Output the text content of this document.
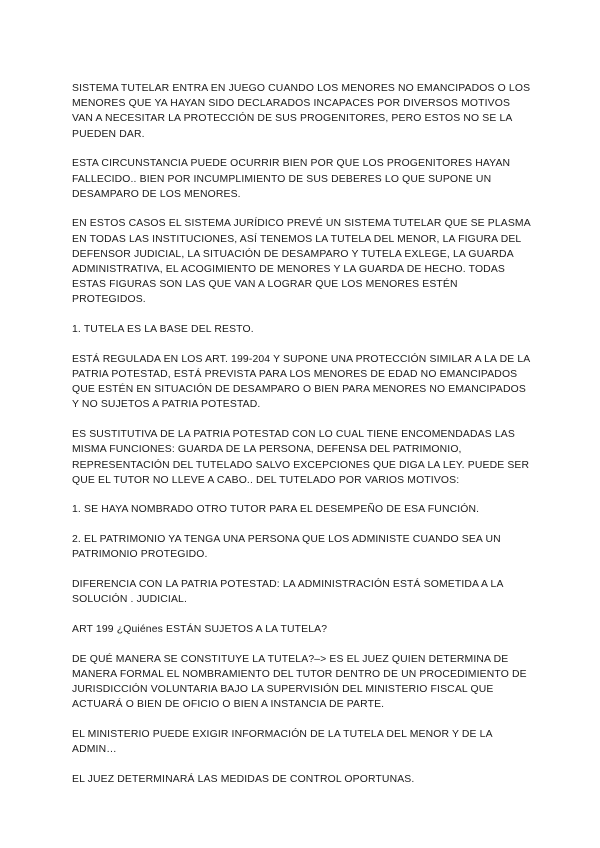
SISTEMA TUTELAR ENTRA EN JUEGO CUANDO LOS MENORES NO EMANCIPADOS O LOS MENORES QUE YA HAYAN SIDO DECLARADOS INCAPACES POR DIVERSOS MOTIVOS VAN A NECESITAR LA PROTECCIÓN DE SUS PROGENITORES, PERO ESTOS NO SE LA PUEDEN DAR.

ESTA CIRCUNSTANCIA PUEDE OCURRIR BIEN POR QUE LOS PROGENITORES HAYAN FALLECIDO.. BIEN POR INCUMPLIMIENTO DE SUS DEBERES LO QUE SUPONE UN DESAMPARO DE LOS MENORES.

EN ESTOS CASOS EL SISTEMA JURÍDICO PREVÉ UN SISTEMA TUTELAR QUE SE PLASMA EN TODAS LAS INSTITUCIONES, ASÍ TENEMOS LA TUTELA DEL MENOR, LA FIGURA DEL DEFENSOR JUDICIAL, LA SITUACIÓN DE DESAMPARO Y TUTELA EXLEGE, LA GUARDA ADMINISTRATIVA, EL ACOGIMIENTO DE MENORES Y LA GUARDA DE HECHO. TODAS ESTAS FIGURAS SON LAS QUE VAN A LOGRAR QUE LOS MENORES ESTÉN PROTEGIDOS.

1. TUTELA ES LA BASE DEL RESTO.

ESTÁ REGULADA EN LOS ART. 199-204 Y SUPONE UNA PROTECCIÓN SIMILAR A LA DE LA PATRIA POTESTAD, ESTÁ PREVISTA PARA LOS MENORES DE EDAD NO EMANCIPADOS QUE ESTÉN EN SITUACIÓN DE DESAMPARO O BIEN PARA MENORES NO EMANCIPADOS Y NO SUJETOS A PATRIA POTESTAD.

ES SUSTITUTIVA DE LA PATRIA POTESTAD CON LO CUAL TIENE ENCOMENDADAS LAS MISMA FUNCIONES: GUARDA DE LA PERSONA, DEFENSA DEL PATRIMONIO, REPRESENTACIÓN DEL TUTELADO SALVO EXCEPCIONES QUE DIGA LA LEY. PUEDE SER QUE EL TUTOR NO LLEVE A CABO.. DEL TUTELADO POR VARIOS MOTIVOS:

1. SE HAYA NOMBRADO OTRO TUTOR PARA EL DESEMPEÑO DE ESA FUNCIÓN.

2. EL PATRIMONIO YA TENGA UNA PERSONA QUE LOS ADMINISTE CUANDO SEA UN PATRIMONIO PROTEGIDO.

DIFERENCIA CON LA PATRIA POTESTAD: LA ADMINISTRACIÓN ESTÁ SOMETIDA A LA SOLUCIÓN . JUDICIAL.

ART 199 ¿Quiénes ESTÁN SUJETOS A LA TUTELA?

DE QUÉ MANERA SE CONSTITUYE LA TUTELA?–> ES EL JUEZ QUIEN DETERMINA DE MANERA FORMAL EL NOMBRAMIENTO DEL TUTOR DENTRO DE UN PROCEDIMIENTO DE JURISDICCIÓN VOLUNTARIA BAJO LA SUPERVISIÓN DEL MINISTERIO FISCAL QUE ACTUARÁ O BIEN DE OFICIO O BIEN A INSTANCIA DE PARTE.

EL MINISTERIO PUEDE EXIGIR INFORMACIÓN DE LA TUTELA DEL MENOR Y DE LA ADMIN…

EL JUEZ DETERMINARÁ LAS MEDIDAS DE CONTROL OPORTUNAS.
